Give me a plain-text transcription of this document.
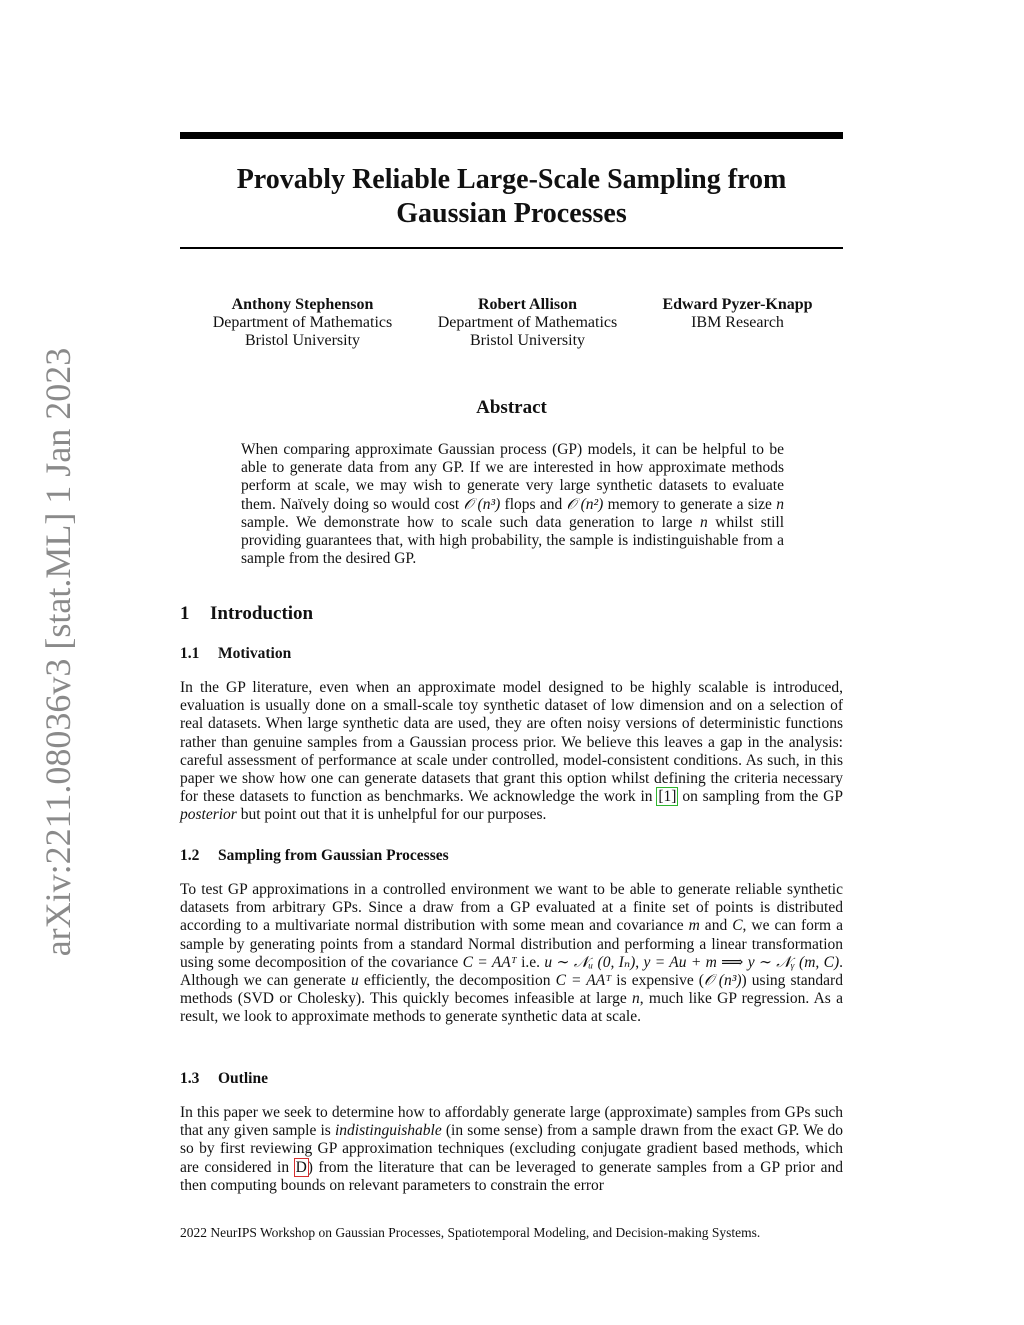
arXiv:2211.08036v3 [stat.ML] 1 Jan 2023
Provably Reliable Large-Scale Sampling from
Gaussian Processes
Anthony Stephenson
Department of Mathematics
Bristol University
Robert Allison
Department of Mathematics
Bristol University
Edward Pyzer-Knapp
IBM Research
Abstract

When comparing approximate Gaussian process (GP) models, it can be helpful to be able to generate data from any GP. If we are interested in how approximate methods perform at scale, we may wish to generate very large synthetic datasets to evaluate them. Naïvely doing so would cost 𝒪 (n³) flops and 𝒪 (n²) memory to generate a size n sample. We demonstrate how to scale such data generation to large n whilst still providing guarantees that, with high probability, the sample is indistinguishable from a sample from the desired GP.

1 Introduction
1.1 Motivation

In the GP literature, even when an approximate model designed to be highly scalable is introduced, evaluation is usually done on a small-scale toy synthetic dataset of low dimension and on a selection of real datasets. When large synthetic data are used, they are often noisy versions of deterministic functions rather than genuine samples from a Gaussian process prior. We believe this leaves a gap in the analysis: careful assessment of performance at scale under controlled, model-consistent conditions. As such, in this paper we show how one can generate datasets that grant this option whilst defining the criteria necessary for these datasets to function as benchmarks. We acknowledge the work in [1] on sampling from the GP posterior but point out that it is unhelpful for our purposes.

1.2 Sampling from Gaussian Processes

To test GP approximations in a controlled environment we want to be able to generate reliable synthetic datasets from arbitrary GPs. Since a draw from a GP evaluated at a finite set of points is distributed according to a multivariate normal distribution with some mean and covariance m and C, we can form a sample by generating points from a standard Normal distribution and performing a linear transformation using some decomposition of the covariance C = AAᵀ i.e. u ∼ 𝒩ᵤ (0, Iₙ), y = Au + m ⟹ y ∼ 𝒩ᵧ (m, C). Although we can generate u efficiently, the decomposition C = AAᵀ is expensive (𝒪 (n³)) using standard methods (SVD or Cholesky). This quickly becomes infeasible at large n, much like GP regression. As a result, we look to approximate methods to generate synthetic data at scale.

1.3 Outline

In this paper we seek to determine how to affordably generate large (approximate) samples from GPs such that any given sample is indistinguishable (in some sense) from a sample drawn from the exact GP. We do so by first reviewing GP approximation techniques (excluding conjugate gradient based methods, which are considered in D) from the literature that can be leveraged to generate samples from a GP prior and then computing bounds on relevant parameters to constrain the error

2022 NeurIPS Workshop on Gaussian Processes, Spatiotemporal Modeling, and Decision-making Systems.
